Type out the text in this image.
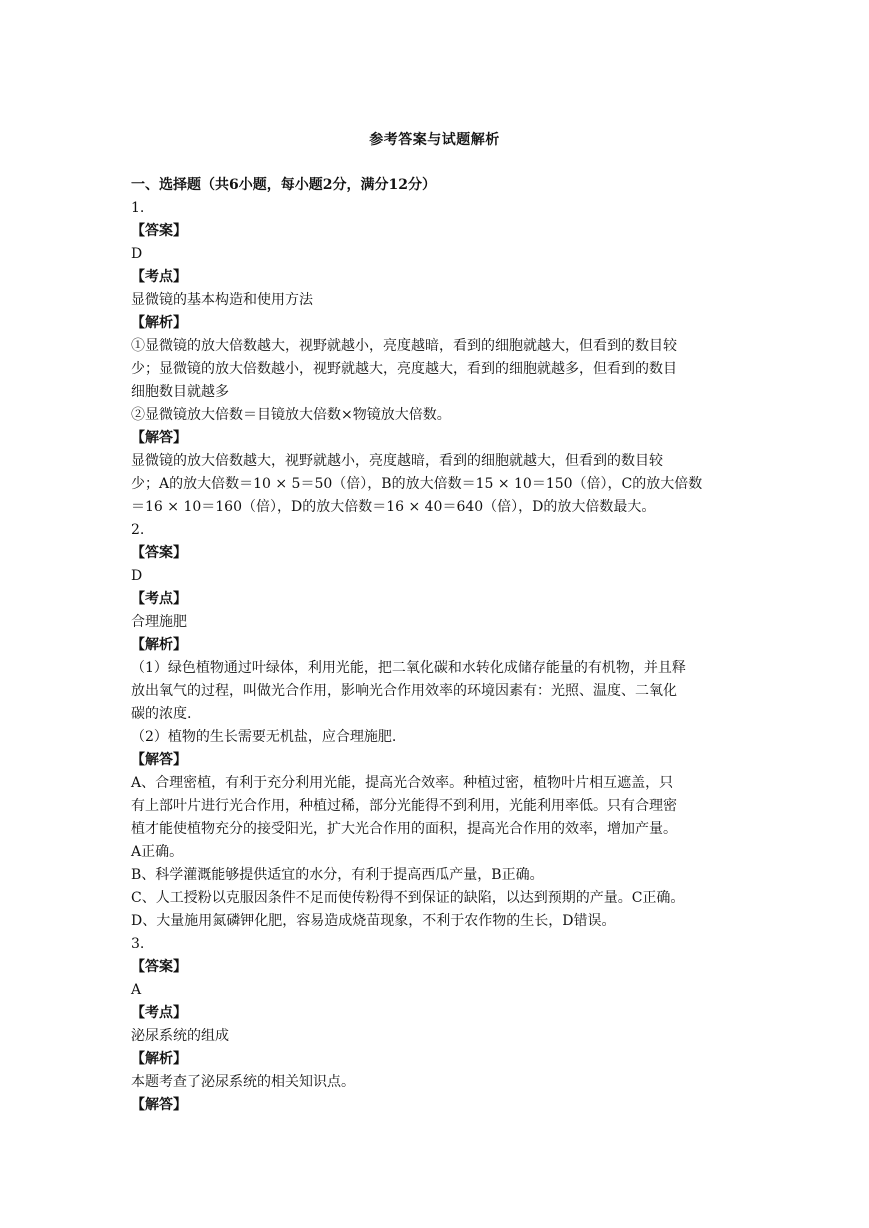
参考答案与试题解析
一、选择题（共6小题，每小题2分，满分12分）
1.
【答案】
D
【考点】
显微镜的基本构造和使用方法
【解析】
①显微镜的放大倍数越大，视野就越小，亮度越暗，看到的细胞就越大，但看到的数目较
少；显微镜的放大倍数越小，视野就越大，亮度越大，看到的细胞就越多，但看到的数目
细胞数目就越多
②显微镜放大倍数＝目镜放大倍数×物镜放大倍数。
【解答】
显微镜的放大倍数越大，视野就越小，亮度越暗，看到的细胞就越大，但看到的数目较
少；A的放大倍数＝10 × 5＝50（倍），B的放大倍数＝15 × 10＝150（倍），C的放大倍数
＝16 × 10＝160（倍），D的放大倍数＝16 × 40＝640（倍），D的放大倍数最大。
2.
【答案】
D
【考点】
合理施肥
【解析】
（1）绿色植物通过叶绿体，利用光能，把二氧化碳和水转化成储存能量的有机物，并且释
放出氧气的过程，叫做光合作用，影响光合作用效率的环境因素有：光照、温度、二氧化
碳的浓度.
（2）植物的生长需要无机盐，应合理施肥.
【解答】
A、合理密植，有利于充分利用光能，提高光合效率。种植过密，植物叶片相互遮盖，只
有上部叶片进行光合作用，种植过稀，部分光能得不到利用，光能利用率低。只有合理密
植才能使植物充分的接受阳光，扩大光合作用的面积，提高光合作用的效率，增加产量。
A正确。
B、科学灌溉能够提供适宜的水分，有利于提高西瓜产量，B正确。
C、人工授粉以克服因条件不足而使传粉得不到保证的缺陷，以达到预期的产量。C正确。
D、大量施用氮磷钾化肥，容易造成烧苗现象，不利于农作物的生长，D错误。
3.
【答案】
A
【考点】
泌尿系统的组成
【解析】
本题考查了泌尿系统的相关知识点。
【解答】
